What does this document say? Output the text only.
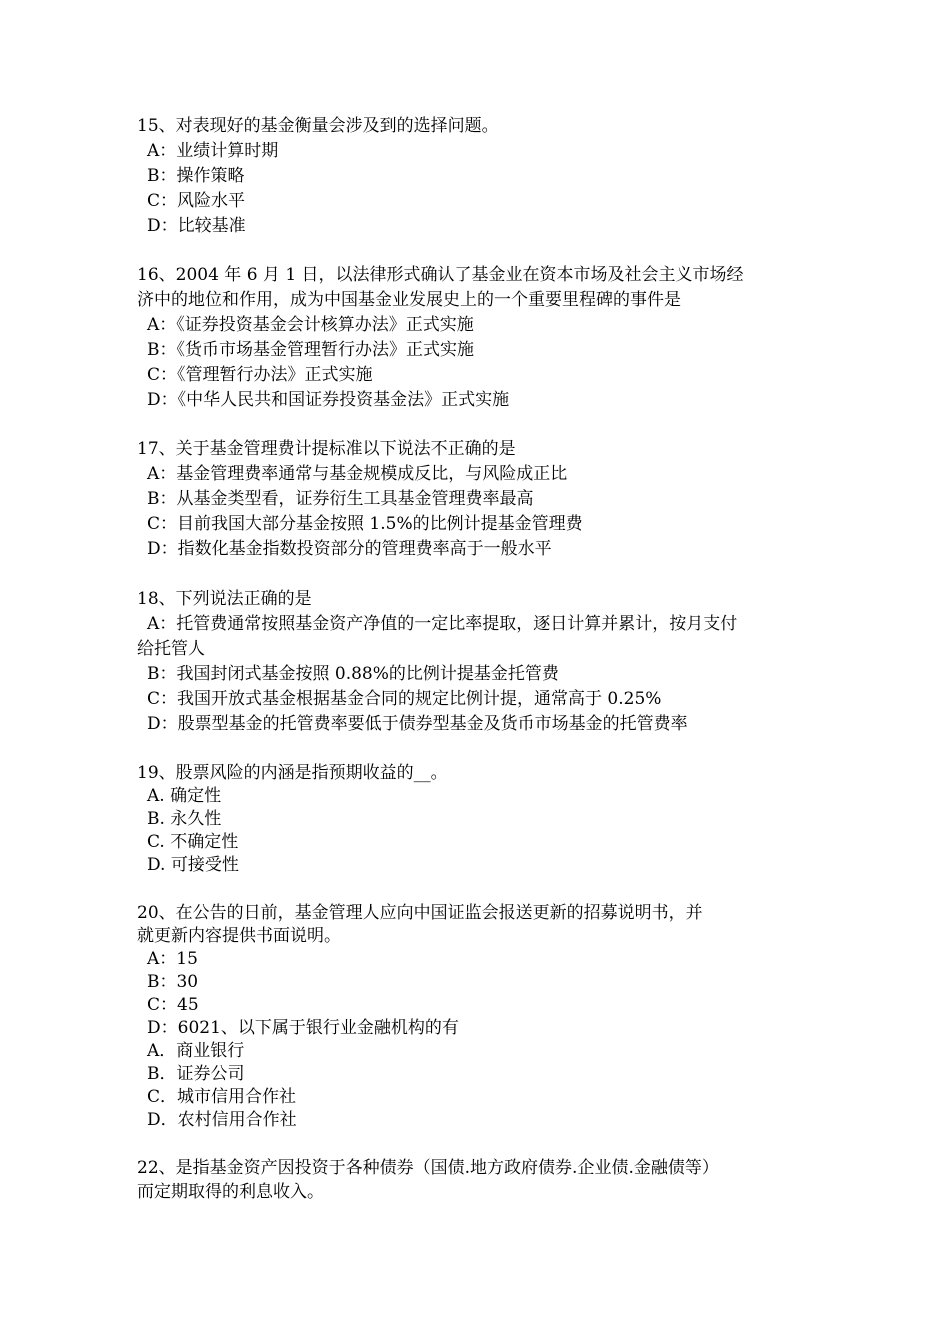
15、对表现好的基金衡量会涉及到的选择问题。
A：业绩计算时期
B：操作策略
C：风险水平
D：比较基准
16、2004 年 6 月 1 日，以法律形式确认了基金业在资本市场及社会主义市场经
济中的地位和作用，成为中国基金业发展史上的一个重要里程碑的事件是
A：《证券投资基金会计核算办法》正式实施
B：《货币市场基金管理暂行办法》正式实施
C：《管理暂行办法》正式实施
D：《中华人民共和国证券投资基金法》正式实施
17、关于基金管理费计提标准以下说法不正确的是
A：基金管理费率通常与基金规模成反比，与风险成正比
B：从基金类型看，证券衍生工具基金管理费率最高
C：目前我国大部分基金按照 1.5%的比例计提基金管理费
D：指数化基金指数投资部分的管理费率高于一般水平
18、下列说法正确的是
A：托管费通常按照基金资产净值的一定比率提取，逐日计算并累计，按月支付
给托管人
B：我国封闭式基金按照 0.88%的比例计提基金托管费
C：我国开放式基金根据基金合同的规定比例计提，通常高于 0.25%
D：股票型基金的托管费率要低于债券型基金及货币市场基金的托管费率
19、股票风险的内涵是指预期收益的__。
A. 确定性
B. 永久性
C. 不确定性
D. 可接受性
20、在公告的日前，基金管理人应向中国证监会报送更新的招募说明书，并
就更新内容提供书面说明。
A：15
B：30
C：45
D：6021、以下属于银行业金融机构的有
A．商业银行
B．证券公司
C．城市信用合作社
D．农村信用合作社
22、是指基金资产因投资于各种债券（国债.地方政府债券.企业债.金融债等）
而定期取得的利息收入。
